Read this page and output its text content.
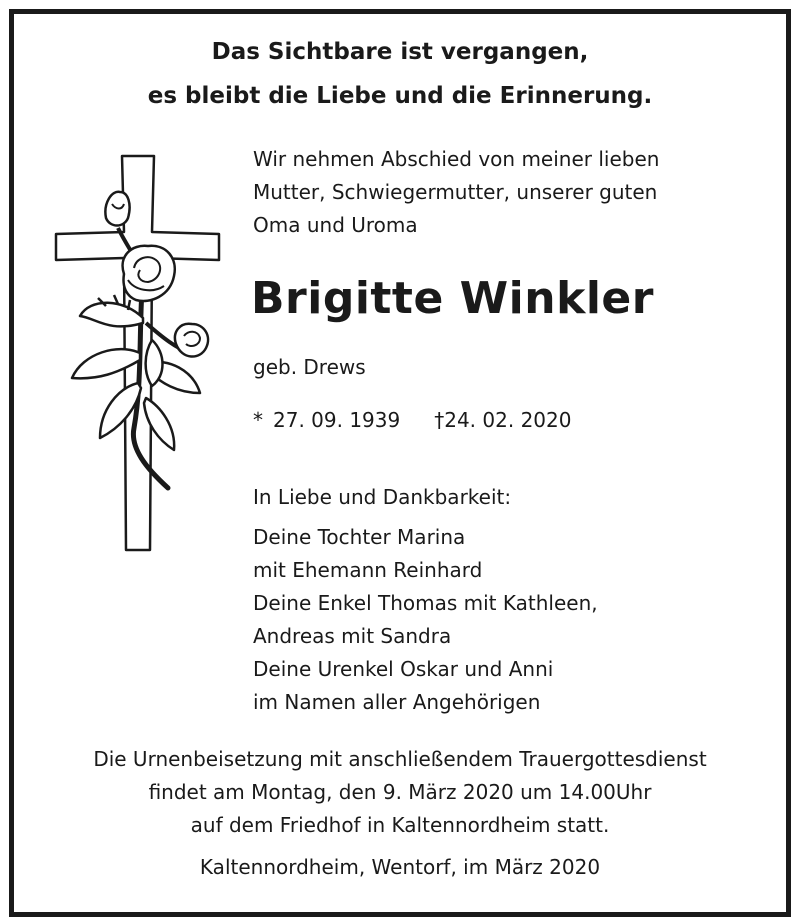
Das Sichtbare ist vergangen,
es bleibt die Liebe und die Erinnerung.
Wir nehmen Abschied von meiner lieben
Mutter, Schwiegermutter, unserer guten
Oma und Uroma
Brigitte Winkler
geb. Drews
* 27. 09. 1939 †24. 02. 2020
In Liebe und Dankbarkeit:
Deine Tochter Marina
mit Ehemann Reinhard
Deine Enkel Thomas mit Kathleen,
Andreas mit Sandra
Deine Urenkel Oskar und Anni
im Namen aller Angehörigen
Die Urnenbeisetzung mit anschließendem Trauergottesdienst
findet am Montag, den 9. März 2020 um 14.00Uhr
auf dem Friedhof in Kaltennordheim statt.
Kaltennordheim, Wentorf, im März 2020
